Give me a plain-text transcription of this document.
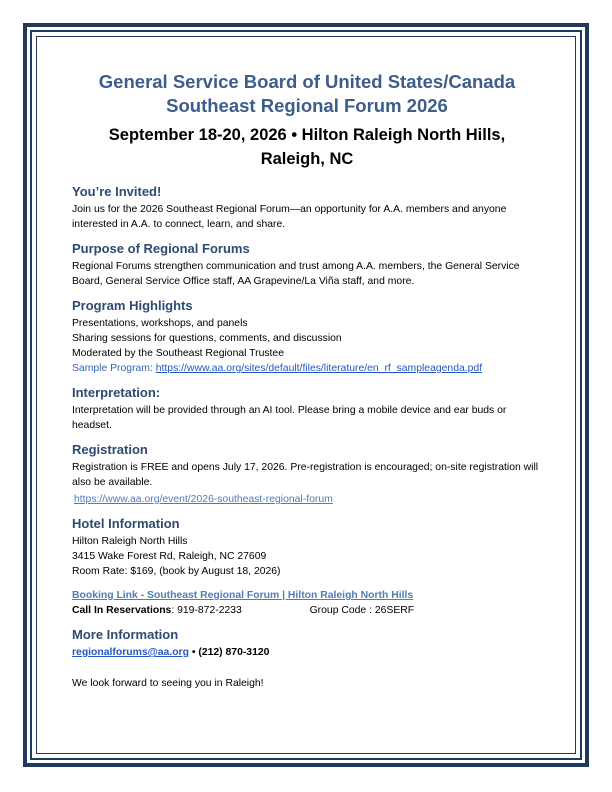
General Service Board of United States/Canada

Southeast Regional Forum 2026

September 18-20, 2026 • Hilton Raleigh North Hills,

Raleigh, NC

You’re Invited!

Join us for the 2026 Southeast Regional Forum—an opportunity for A.A. members and anyone interested in A.A. to connect, learn, and share.

Purpose of Regional Forums

Regional Forums strengthen communication and trust among A.A. members, the General Service Board, General Service Office staff, AA Grapevine/La Viña staff, and more.

Program Highlights

Presentations, workshops, and panels

Sharing sessions for questions, comments, and discussion

Moderated by the Southeast Regional Trustee

Sample Program: https://www.aa.org/sites/default/files/literature/en_rf_sampleagenda.pdf

Interpretation:

Interpretation will be provided through an AI tool. Please bring a mobile device and ear buds or headset.

Registration

Registration is FREE and opens July 17, 2026. Pre-registration is encouraged; on-site registration will also be available.

https://www.aa.org/event/2026-southeast-regional-forum

Hotel Information

Hilton Raleigh North Hills

3415 Wake Forest Rd, Raleigh, NC 27609

Room Rate: $169, (book by August 18, 2026)

Booking Link - Southeast Regional Forum | Hilton Raleigh North Hills

Call In Reservations: 919-872-2233	Group Code : 26SERF

More Information

regionalforums@aa.org • (212) 870-3120

We look forward to seeing you in Raleigh!
